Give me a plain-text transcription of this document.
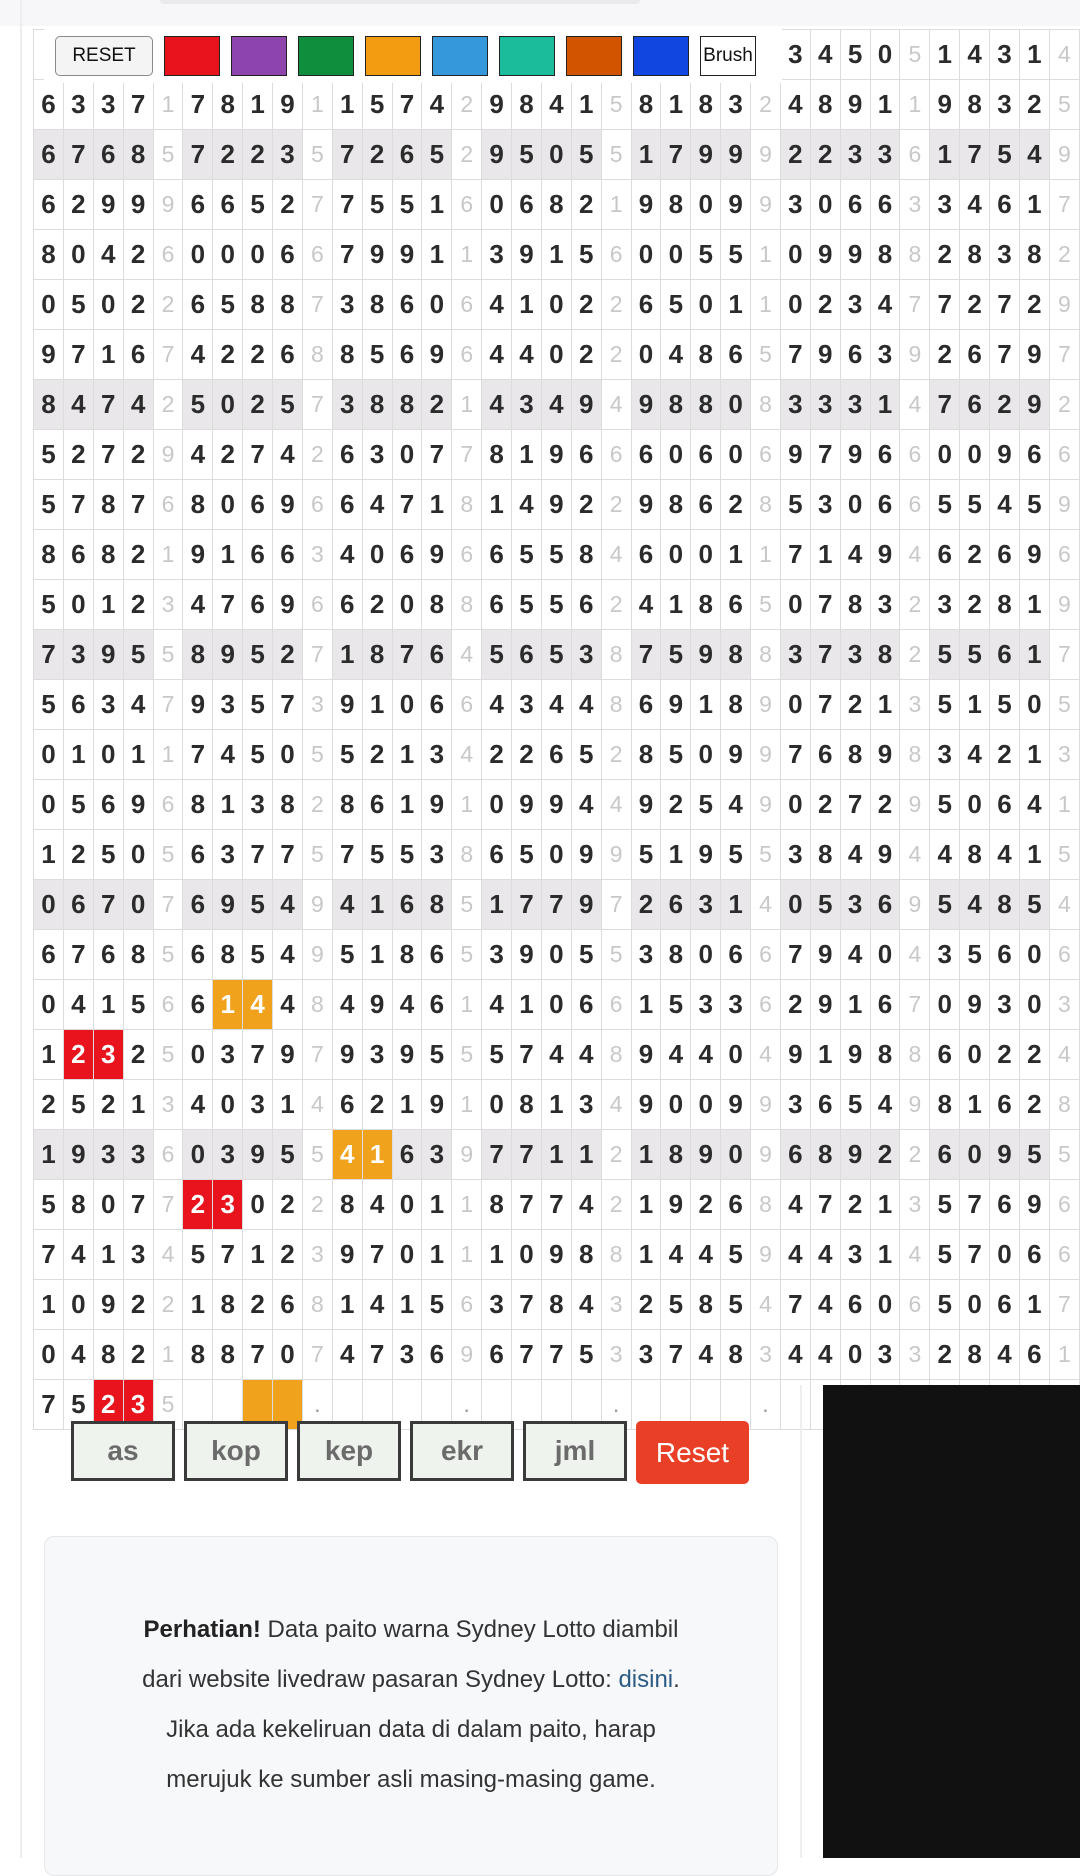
																									3	4	5	0	5	1	4	3	1	4
6	3	3	7	1	7	8	1	9	1	1	5	7	4	2	9	8	4	1	5	8	1	8	3	2	4	8	9	1	1	9	8	3	2	5
6	7	6	8	5	7	2	2	3	5	7	2	6	5	2	9	5	0	5	5	1	7	9	9	9	2	2	3	3	6	1	7	5	4	9
6	2	9	9	9	6	6	5	2	7	7	5	5	1	6	0	6	8	2	1	9	8	0	9	9	3	0	6	6	3	3	4	6	1	7
8	0	4	2	6	0	0	0	6	6	7	9	9	1	1	3	9	1	5	6	0	0	5	5	1	0	9	9	8	8	2	8	3	8	2
0	5	0	2	2	6	5	8	8	7	3	8	6	0	6	4	1	0	2	2	6	5	0	1	1	0	2	3	4	7	7	2	7	2	9
9	7	1	6	7	4	2	2	6	8	8	5	6	9	6	4	4	0	2	2	0	4	8	6	5	7	9	6	3	9	2	6	7	9	7
8	4	7	4	2	5	0	2	5	7	3	8	8	2	1	4	3	4	9	4	9	8	8	0	8	3	3	3	1	4	7	6	2	9	2
5	2	7	2	9	4	2	7	4	2	6	3	0	7	7	8	1	9	6	6	6	0	6	0	6	9	7	9	6	6	0	0	9	6	6
5	7	8	7	6	8	0	6	9	6	6	4	7	1	8	1	4	9	2	2	9	8	6	2	8	5	3	0	6	6	5	5	4	5	9
8	6	8	2	1	9	1	6	6	3	4	0	6	9	6	6	5	5	8	4	6	0	0	1	1	7	1	4	9	4	6	2	6	9	6
5	0	1	2	3	4	7	6	9	6	6	2	0	8	8	6	5	5	6	2	4	1	8	6	5	0	7	8	3	2	3	2	8	1	9
7	3	9	5	5	8	9	5	2	7	1	8	7	6	4	5	6	5	3	8	7	5	9	8	8	3	7	3	8	2	5	5	6	1	7
5	6	3	4	7	9	3	5	7	3	9	1	0	6	6	4	3	4	4	8	6	9	1	8	9	0	7	2	1	3	5	1	5	0	5
0	1	0	1	1	7	4	5	0	5	5	2	1	3	4	2	2	6	5	2	8	5	0	9	9	7	6	8	9	8	3	4	2	1	3
0	5	6	9	6	8	1	3	8	2	8	6	1	9	1	0	9	9	4	4	9	2	5	4	9	0	2	7	2	9	5	0	6	4	1
1	2	5	0	5	6	3	7	7	5	7	5	5	3	8	6	5	0	9	9	5	1	9	5	5	3	8	4	9	4	4	8	4	1	5
0	6	7	0	7	6	9	5	4	9	4	1	6	8	5	1	7	7	9	7	2	6	3	1	4	0	5	3	6	9	5	4	8	5	4
6	7	6	8	5	6	8	5	4	9	5	1	8	6	5	3	9	0	5	5	3	8	0	6	6	7	9	4	0	4	3	5	6	0	6
0	4	1	5	6	6	1	4	4	8	4	9	4	6	1	4	1	0	6	6	1	5	3	3	6	2	9	1	6	7	0	9	3	0	3
1	2	3	2	5	0	3	7	9	7	9	3	9	5	5	5	7	4	4	8	9	4	4	0	4	9	1	9	8	8	6	0	2	2	4
2	5	2	1	3	4	0	3	1	4	6	2	1	9	1	0	8	1	3	4	9	0	0	9	9	3	6	5	4	9	8	1	6	2	8
1	9	3	3	6	0	3	9	5	5	4	1	6	3	9	7	7	1	1	2	1	8	9	0	9	6	8	9	2	2	6	0	9	5	5
5	8	0	7	7	2	3	0	2	2	8	4	0	1	1	8	7	7	4	2	1	9	2	6	8	4	7	2	1	3	5	7	6	9	6
7	4	1	3	4	5	7	1	2	3	9	7	0	1	1	1	0	9	8	8	1	4	4	5	9	4	4	3	1	4	5	7	0	6	6
1	0	9	2	2	1	8	2	6	8	1	4	1	5	6	3	7	8	4	3	2	5	8	5	4	7	4	6	0	6	5	0	6	1	7
0	4	8	2	1	8	8	7	0	7	4	7	3	6	9	6	7	7	5	3	3	7	4	8	3	4	4	0	3	3	2	8	4	6	1
7	5	2	3	5					.					.					.					.										
RESET	Brush
as	kop	kep	ekr	jml	Reset
Perhatian! Data paito warna Sydney Lotto diambil
dari website livedraw pasaran Sydney Lotto: disini.
Jika ada kekeliruan data di dalam paito, harap
merujuk ke sumber asli masing-masing game.
